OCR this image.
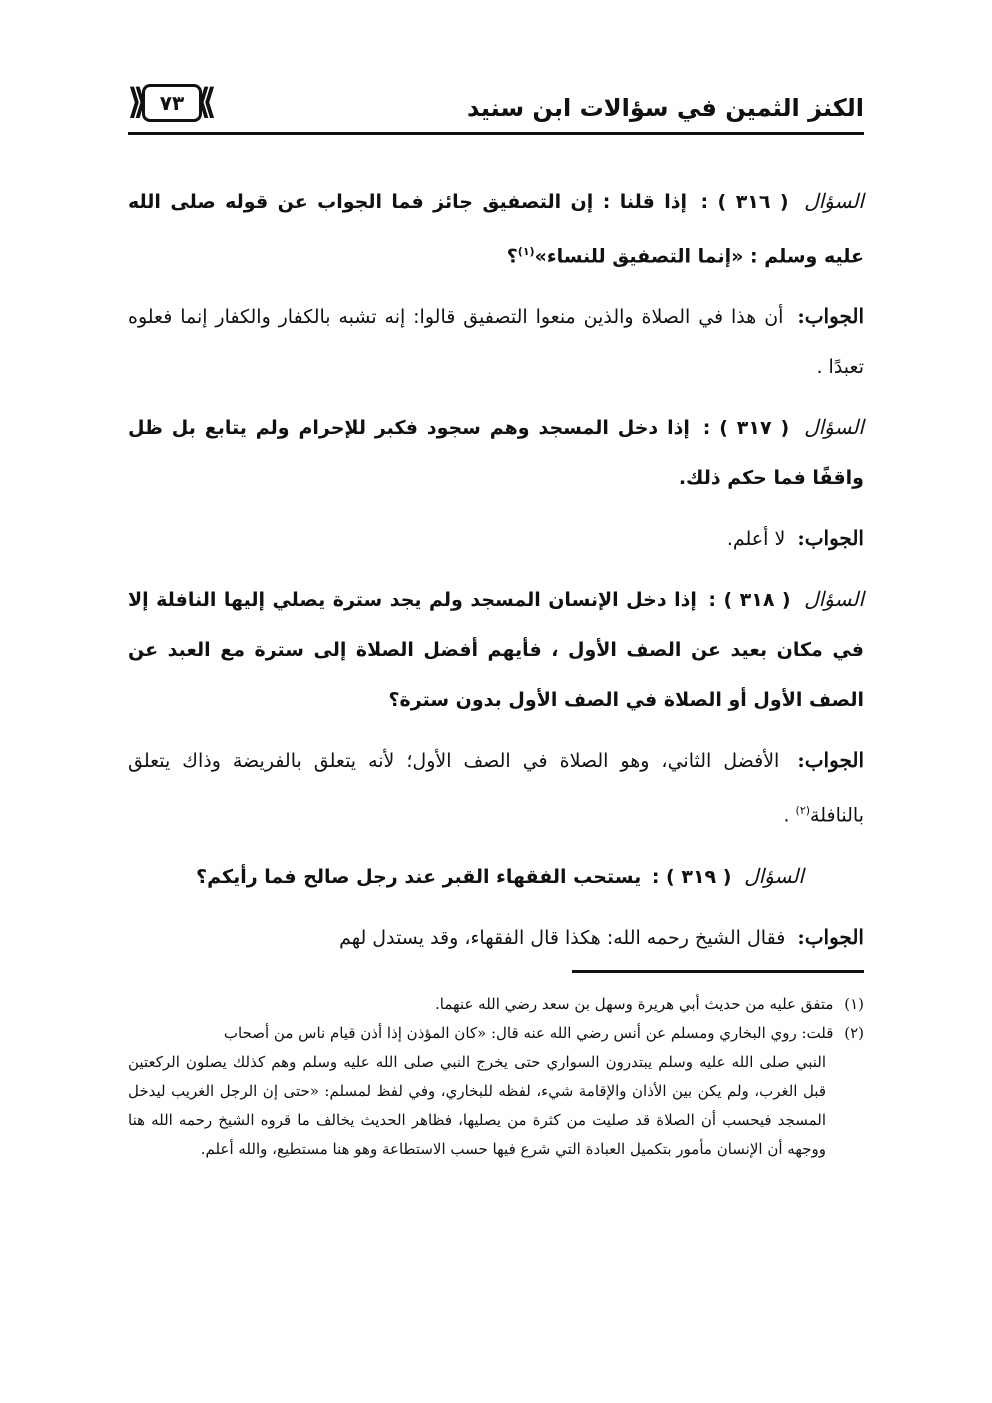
الكنز الثمين في سؤالات ابن سنيد
⟪ ⟫
٧٣

السؤال ( ٣١٦ ) : إذا قلنا : إن التصفيق جائز فما الجواب عن قوله صلى الله عليه وسلم : «إنما التصفيق للنساء»$^{(١)}$؟

الجواب: أن هذا في الصلاة والذين منعوا التصفيق قالوا: إنه تشبه بالكفار والكفار إنما فعلوه تعبدًا .

السؤال ( ٣١٧ ) : إذا دخل المسجد وهم سجود فكبر للإحرام ولم يتابع بل ظل واقفًا فما حكم ذلك.

الجواب: لا أعلم.

السؤال ( ٣١٨ ) : إذا دخل الإنسان المسجد ولم يجد سترة يصلي إليها النافلة إلا في مكان بعيد عن الصف الأول ، فأيهم أفضل الصلاة إلى سترة مع العبد عن الصف الأول أو الصلاة في الصف الأول بدون سترة؟

الجواب: الأفضل الثاني، وهو الصلاة في الصف الأول؛ لأنه يتعلق بالفريضة وذاك يتعلق بالنافلة$^{(٢)}$ .

السؤال ( ٣١٩ ) : يستحب الفقهاء القبر عند رجل صالح فما رأيكم؟

الجواب: فقال الشيخ رحمه الله: هكذا قال الفقهاء، وقد يستدل لهم

(١) متفق عليه من حديث أبي هريرة وسهل بن سعد رضي الله عنهما.

(٢) قلت: روي البخاري ومسلم عن أنس رضي الله عنه قال: «كان المؤذن إذا أذن قيام ناس من أصحاب

النبي صلى الله عليه وسلم يبتدرون السواري حتى يخرج النبي صلى الله عليه وسلم وهم كذلك يصلون الركعتين قبل الغرب، ولم يكن بين الأذان والإقامة شيء، لفظه للبخاري، وفي لفظ لمسلم: «حتى إن الرجل الغريب ليدخل المسجد فيحسب أن الصلاة قد صليت من كثرة من يصليها، فظاهر الحديث يخالف ما قروه الشيخ رحمه الله هنا ووجهه أن الإنسان مأمور بتكميل العبادة التي شرع فيها حسب الاستطاعة وهو هنا مستطيع، والله أعلم.
